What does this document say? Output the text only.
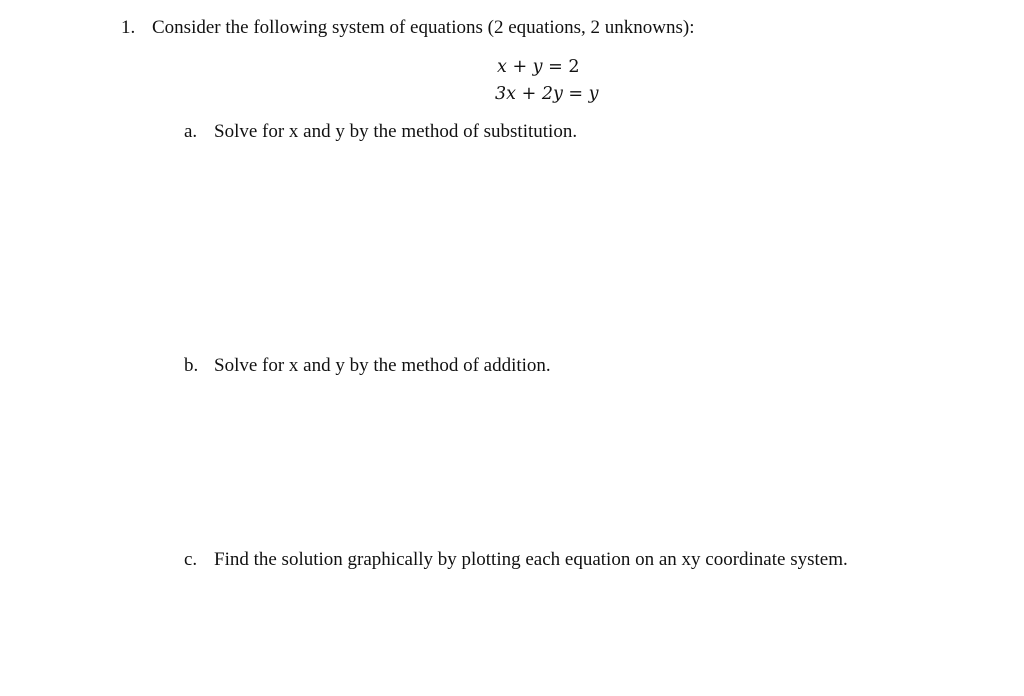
1. Consider the following system of equations (2 equations, 2 unknowns):
x + y = 2
3x + 2y = y
a. Solve for x and y by the method of substitution.
b. Solve for x and y by the method of addition.
c. Find the solution graphically by plotting each equation on an xy coordinate system.
